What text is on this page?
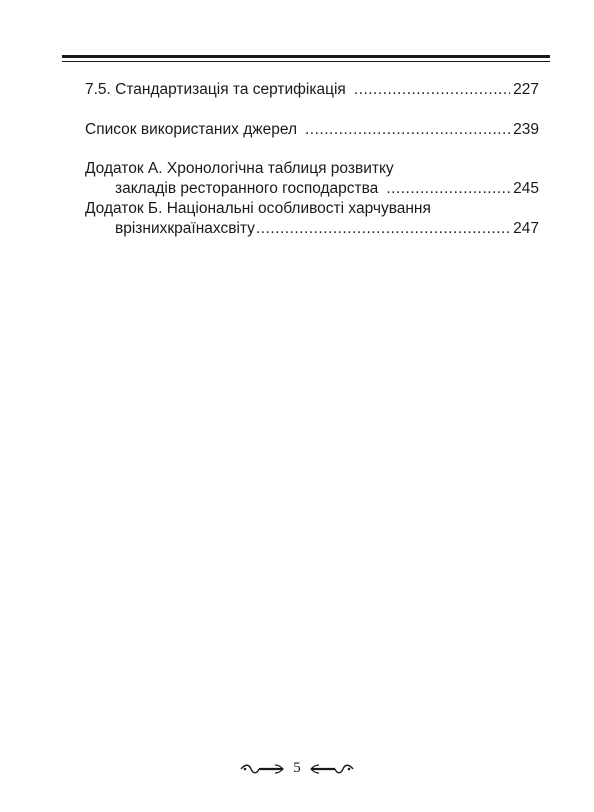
7.5. Стандартизація та сертифікація .....	227
Список використаних джерел .....	239
Додаток А. Хронологічна таблиця розвитку
закладів ресторанного господарства .....	245
Додаток Б. Національні особливості харчування
врізнихкраїнахсвіту .....	247
5
